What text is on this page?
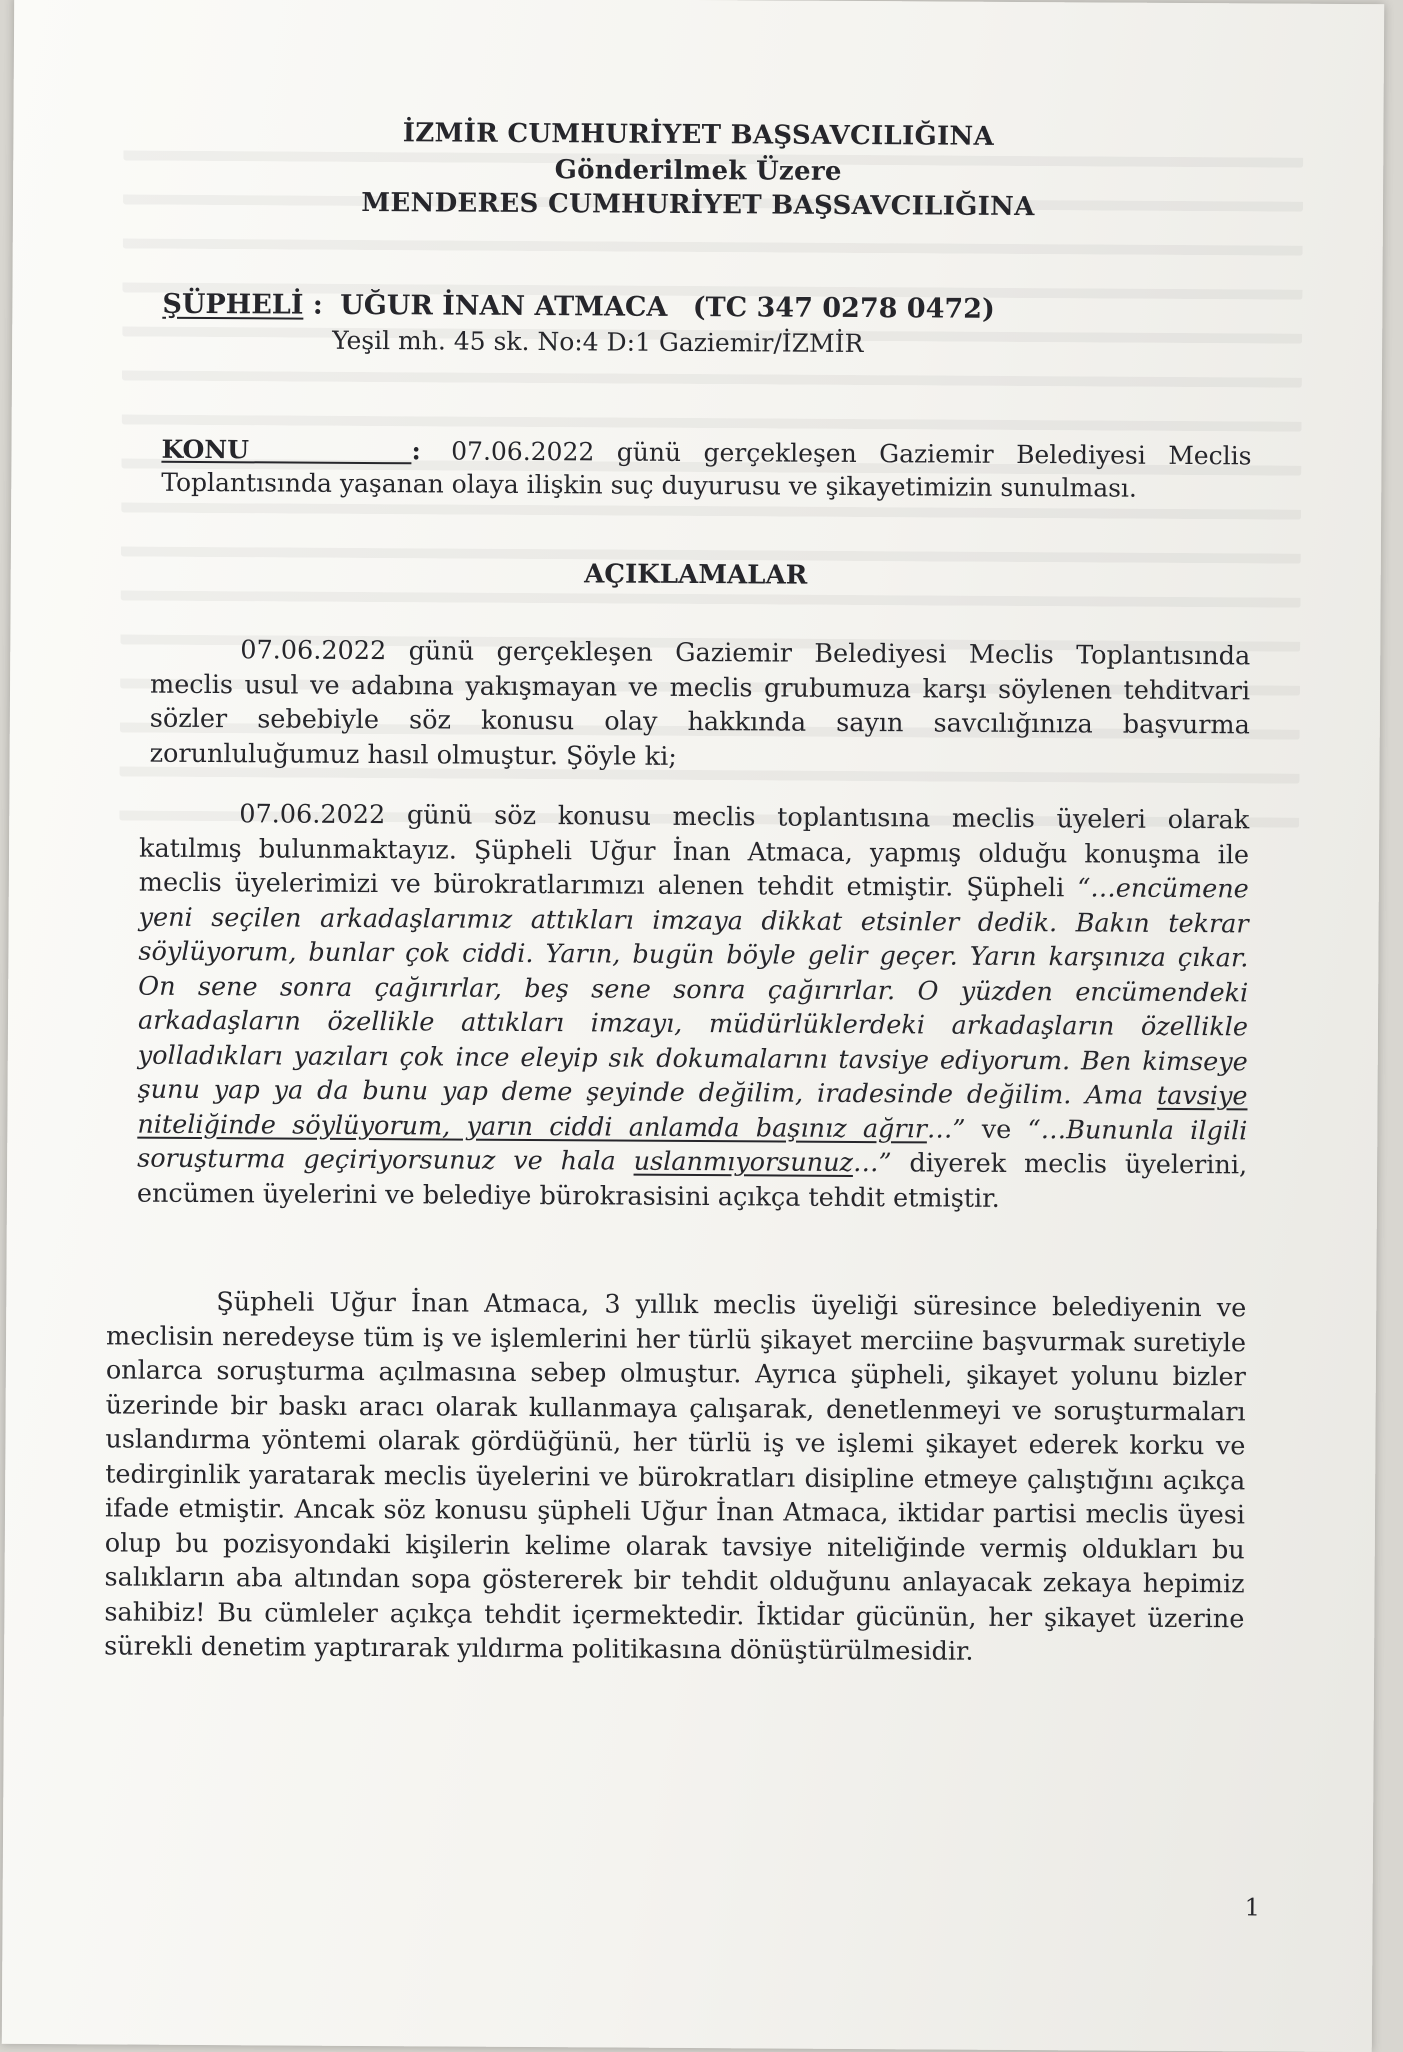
İZMİR CUMHURİYET BAŞSAVCILIĞINA
Gönderilmek Üzere
MENDERES CUMHURİYET BAŞSAVCILIĞINA
ŞÜPHELİ : UĞUR İNAN ATMACA (TC 347 0278 0472)
Yeşil mh. 45 sk. No:4 D:1 Gaziemir/İZMİR
KONU	: 07.06.2022 günü gerçekleşen Gaziemir Belediyesi Meclis Toplantısında yaşanan olaya ilişkin suç duyurusu ve şikayetimizin sunulması.
AÇIKLAMALAR
07.06.2022 günü gerçekleşen Gaziemir Belediyesi Meclis Toplantısında meclis usul ve adabına yakışmayan ve meclis grubumuza karşı söylenen tehditvari sözler sebebiyle söz konusu olay hakkında sayın savcılığınıza başvurma zorunluluğumuz hasıl olmuştur. Şöyle ki;
07.06.2022 günü söz konusu meclis toplantısına meclis üyeleri olarak katılmış bulunmaktayız. Şüpheli Uğur İnan Atmaca, yapmış olduğu konuşma ile meclis üyelerimizi ve bürokratlarımızı alenen tehdit etmiştir. Şüpheli “…encümene yeni seçilen arkadaşlarımız attıkları imzaya dikkat etsinler dedik. Bakın tekrar söylüyorum, bunlar çok ciddi. Yarın, bugün böyle gelir geçer. Yarın karşınıza çıkar. On sene sonra çağırırlar, beş sene sonra çağırırlar. O yüzden encümendeki arkadaşların özellikle attıkları imzayı, müdürlüklerdeki arkadaşların özellikle yolladıkları yazıları çok ince eleyip sık dokumalarını tavsiye ediyorum. Ben kimseye şunu yap ya da bunu yap deme şeyinde değilim, iradesinde değilim. Ama tavsiye niteliğinde söylüyorum, yarın ciddi anlamda başınız ağrır…” ve “…Bununla ilgili soruşturma geçiriyorsunuz ve hala uslanmıyorsunuz…” diyerek meclis üyelerini, encümen üyelerini ve belediye bürokrasisini açıkça tehdit etmiştir.
Şüpheli Uğur İnan Atmaca, 3 yıllık meclis üyeliği süresince belediyenin ve meclisin neredeyse tüm iş ve işlemlerini her türlü şikayet merciine başvurmak suretiyle onlarca soruşturma açılmasına sebep olmuştur. Ayrıca şüpheli, şikayet yolunu bizler üzerinde bir baskı aracı olarak kullanmaya çalışarak, denetlenmeyi ve soruşturmaları uslandırma yöntemi olarak gördüğünü, her türlü iş ve işlemi şikayet ederek korku ve tedirginlik yaratarak meclis üyelerini ve bürokratları disipline etmeye çalıştığını açıkça ifade etmiştir. Ancak söz konusu şüpheli Uğur İnan Atmaca, iktidar partisi meclis üyesi olup bu pozisyondaki kişilerin kelime olarak tavsiye niteliğinde vermiş oldukları bu salıkların aba altından sopa göstererek bir tehdit olduğunu anlayacak zekaya hepimiz sahibiz! Bu cümleler açıkça tehdit içermektedir. İktidar gücünün, her şikayet üzerine sürekli denetim yaptırarak yıldırma politikasına dönüştürülmesidir.
1
